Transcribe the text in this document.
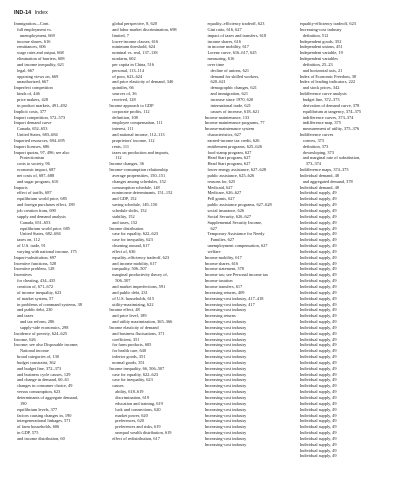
IND-14 Index
Immigration—Cont.
full employment vs.
unemployment, 669
income shares, 616
remittances, 606
wage rates and output, 668
elimination of barriers, 608
and income inequality, 621
legal, 667
opposing views on, 669
unauthorized, 667
Imperfect competition
kinds of, 446
price makers, 428
in product markets, 491–492
Implicit costs, 377
Import competition, 572–573
Import demand curve
Canada, 652–653
United States, 683–684
Imported resources, 694–695
Import licenses, 686
Import quotas, 97, 496; see also
Protectionism
costs to society, 96
economic impact, 687
net costs of, 687–688
and sugar program, 610
Imports
effect of tariffs, 687
equilibrium world price, 685
and foreign purchases effect, 189
job creation from, 690
supply and demand analysis
Canada, 651–653
equilibrium world price, 685
United States, 682–684
taxes on, 112
of U.S. trade, 91
varying with national income, 175
Import-substitution, 697
Incentive functions, 528
Incentive problem, 128
Incentives
for cheating, 434–435
creation of, 671–672
of income inequality, 623
of market system, 57
in problems of command systems, 38
and public debt, 230
and taxes
and tax reform, 286
supply-side economics, 298
Incidence of poverty, 624–625
Income, 626
Income; see also Disposable income;
National income
broad categories of, 130
budget constraint, 362
and budget line, 372–373
and business cycle causes, 129
and change in demand, 60–61
changes in consumer choice, 49
versus consumption, 623
determinants of aggregate demand,
190
equilibrium levels, 377
factors causing changes in, 190
intergenerational linkages, 571
of farm households, 606
in GDP, 575
and income distribution, 60
global perspective, 8, 620
and labor market discrimination, 698
limited, 7
lower-income classes, 616
minimum threshold, 624
nominal vs. real, 137–138
nonfarm, 602
per capita in China, 516
personal, 113–114
of poor, 623–624
and price elasticity of demand, 346
quintiles, 66
sources of, 36
received, 128
Income approach to GDP
corporate profits, 112
definition, 108
employee compensation, 111
interest, 111
and national income, 112–113
proprietors' income, 112
rents, 111
taxes on production and imports,
112
Income changes, 36
Income-consumption relationship
average propensities, 150–151
changes among schedules, 152
consumption schedule, 148
nonincome determinants, 151–152
and GDP, 152
saving schedule, 149–150
schedule shifts, 152
stability, 152
and taxes, 152
Income distribution
case for equality, 622–623
case for inequality, 623
churning around, 617
effect of, 636
equality–efficiency tradeoff, 623
and income mobility, 617
inequality, 506–507
marginal productivity theory of,
506–507
and market imperfections, 591
and public debt, 231
of U.S. households, 615
utility-maximizing, 622
Income effect, 48
and price level, 189
and utility maximization, 365–366
Income elasticity of demand
and business fluctuations, 371
coefficient, 351
for farm products, 605
for health care, 640
inferior goods, 351
normal goods, 351
Income inequality, 66, 506–507
case for equality, 622–623
case for inequality, 623
causes
ability, 618–619
discrimination, 619
education and training, 619
luck and connections, 620
market power, 620
preferences, 620
preferences and risks, 619
unequal wealth distribution, 619
effect of redistribution, 617
equality–efficiency tradeoff, 623
Gini ratio, 616, 627
impact of taxes and transfers, 618
income shares, 616
in income mobility, 617
Lorenz curve, 616–617, 625
measuring, 616
over time
decline of unions, 621
demand for skilled workers,
620–621
demographic changes, 621
and immigration, 621
increase since 1970, 620
international trade, 621
causes of increase, 618–621
Income maintenance, 133
Income maintenance programs, 77
Income-maintenance system
characteristics, 627
earned-income tax credit, 626
entitlement programs, 625–626
food stamp program, 627
Head Start program, 627
Head Start program, 627
lower energy assistance, 627–628
public assistance, 625–626
reasons for, 625
Medicaid, 627
Medicare, 626–627
Pell grants, 627
public assistance programs, 627–628
social insurance, 626
Social Security, 626–627
Supplemental Security Income,
627
Temporary Assistance for Needy
Families, 627
unemployment compensation, 627
welfare
Income mobility, 617
Income shares, 616
Income statement, 378
Income tax; see Personal income tax
Income taxation
Income transfers, 617
Increasing returns, 409
Increasing-cost industry, 417–418
Increasing-cost industry, 417
Increasing-cost industry
Increasing returns
Increasing-cost industry
Increasing-cost industry
Increasing-cost industry
Increasing-cost industry
Increasing-cost industry
Increasing-cost industry
Increasing-cost industry
Increasing-cost industry
Increasing-cost industry
Increasing-cost industry
Increasing-cost industry
Increasing-cost industry
Increasing-cost industry
Increasing-cost industry
Increasing-cost industry
Increasing-cost industry
Increasing-cost industry
Increasing-cost industry
Increasing-cost industry
Increasing-cost industry
Increasing-cost industry
Increasing-cost industry
equality-efficiency tradeoff, 623
Increasing-cost industry
definition, 512
Independent goods, 352
Independent unions, 451
Independent variable, 19
Independent variables
definition, 25–23
and horizontal axis, 21
Index of Economic Freedom, 38
Index of leading indicators, 222
and stock prices, 342
Indifference curve analysis
budget line, 372–373
derivation of demand curve, 378
equilibrium at tangency, 374–375
indifference curves, 373–374
indifference map, 375
measurement of utility, 375–376
Indifference curves
convex, 373
definition, 373
downsloping, 373
and marginal rate of substitution,
373–374
Indifference maps, 374–375
Individual demand, 48
and aggregated demand, 378
Individual demand, 48
Individual supply, 49
Individual supply, 49
Individual supply, 49
Individual supply, 49
Individual supply, 49
Individual supply, 49
Individual supply, 49
Individual supply, 49
Individual supply, 49
Individual supply, 49
Individual supply, 49
Individual supply, 49
Individual supply, 49
Individual supply, 49
Individual supply, 49
Individual supply, 49
Individual supply, 49
Individual supply, 49
Individual supply, 49
Individual supply, 49
Individual supply, 49
Individual supply, 49
Individual supply, 49
Individual supply, 49
Individual supply, 49
Individual supply, 49
Individual supply, 49
Individual supply, 49
Individual supply, 49
Individual supply, 49
Individual supply, 49
Individual supply, 49
Individual supply, 49
Individual supply, 49
Individual supply, 49
Individual supply, 49
Individual supply, 49
Individual supply, 49
Individual supply, 49
Individual supply, 49
Individual supply, 49
Individual supply, 49
Individual supply, 49
Individual supply, 49
Individual supply, 49
Individual supply, 49
